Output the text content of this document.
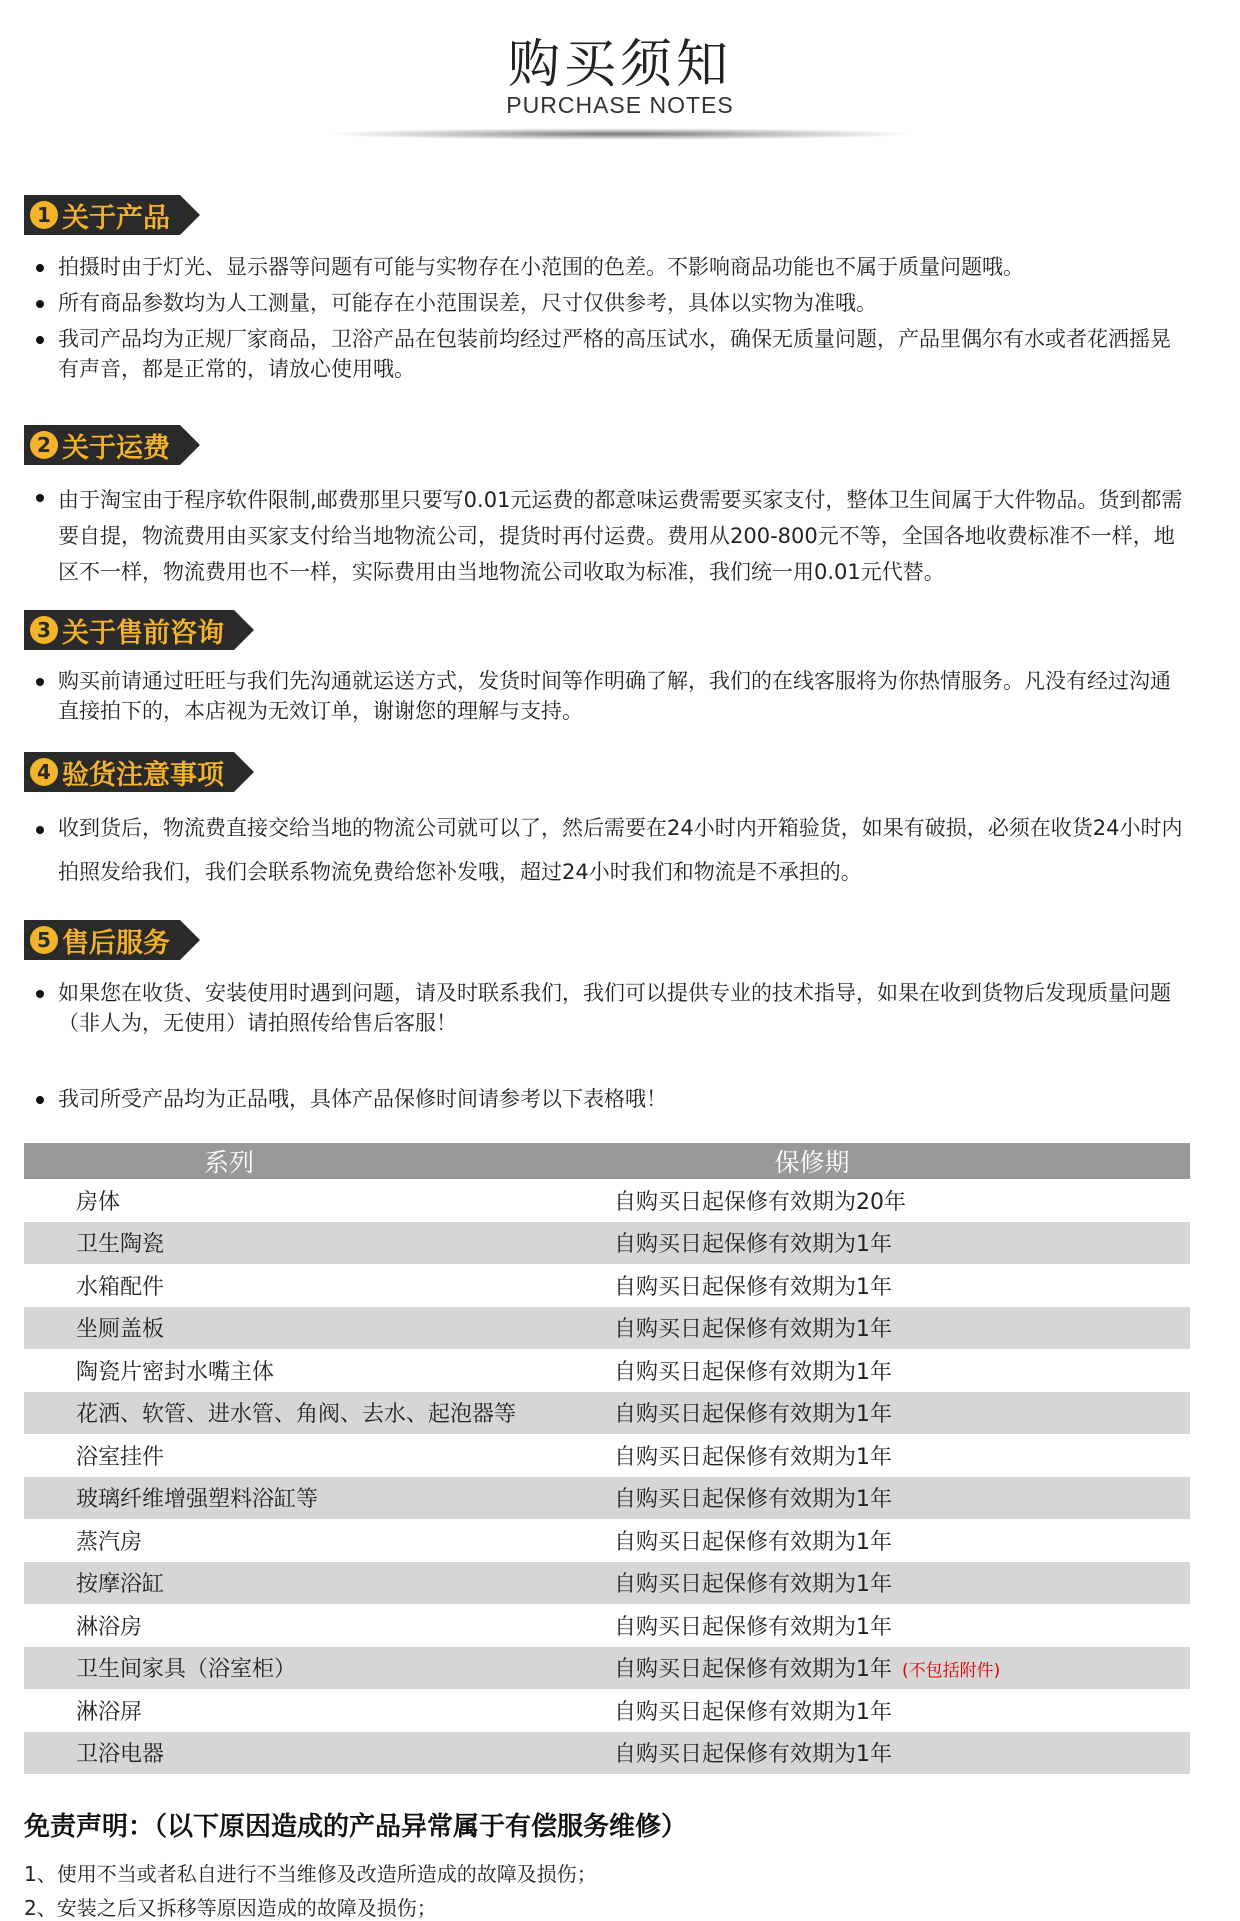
购买须知
PURCHASE NOTES
1 关于产品
拍摄时由于灯光、显示器等问题有可能与实物存在小范围的色差。不影响商品功能也不属于质量问题哦。
所有商品参数均为人工测量，可能存在小范围误差，尺寸仅供参考，具体以实物为准哦。
我司产品均为正规厂家商品，卫浴产品在包装前均经过严格的高压试水，确保无质量问题，产品里偶尔有水或者花洒摇晃有声音，都是正常的，请放心使用哦。
2 关于运费
由于淘宝由于程序软件限制,邮费那里只要写0.01元运费的都意味运费需要买家支付，整体卫生间属于大件物品。货到都需要自提，物流费用由买家支付给当地物流公司，提货时再付运费。费用从200-800元不等，全国各地收费标准不一样，地区不一样，物流费用也不一样，实际费用由当地物流公司收取为标准，我们统一用0.01元代替。
3 关于售前咨询
购买前请通过旺旺与我们先沟通就运送方式，发货时间等作明确了解，我们的在线客服将为你热情服务。凡没有经过沟通直接拍下的，本店视为无效订单，谢谢您的理解与支持。
4 验货注意事项
收到货后，物流费直接交给当地的物流公司就可以了，然后需要在24小时内开箱验货，如果有破损，必须在收货24小时内拍照发给我们，我们会联系物流免费给您补发哦，超过24小时我们和物流是不承担的。
5 售后服务
如果您在收货、安装使用时遇到问题，请及时联系我们，我们可以提供专业的技术指导，如果在收到货物后发现质量问题（非人为，无使用）请拍照传给售后客服！
我司所受产品均为正品哦，具体产品保修时间请参考以下表格哦！
系列	保修期
房体	自购买日起保修有效期为20年
卫生陶瓷	自购买日起保修有效期为1年
水箱配件	自购买日起保修有效期为1年
坐厕盖板	自购买日起保修有效期为1年
陶瓷片密封水嘴主体	自购买日起保修有效期为1年
花洒、软管、进水管、角阀、去水、起泡器等	自购买日起保修有效期为1年
浴室挂件	自购买日起保修有效期为1年
玻璃纤维增强塑料浴缸等	自购买日起保修有效期为1年
蒸汽房	自购买日起保修有效期为1年
按摩浴缸	自购买日起保修有效期为1年
淋浴房	自购买日起保修有效期为1年
卫生间家具（浴室柜）	自购买日起保修有效期为1年 (不包括附件)
淋浴屏	自购买日起保修有效期为1年
卫浴电器	自购买日起保修有效期为1年
免责声明：（以下原因造成的产品异常属于有偿服务维修）
1、使用不当或者私自进行不当维修及改造所造成的故障及损伤；
2、安装之后又拆移等原因造成的故障及损伤；
